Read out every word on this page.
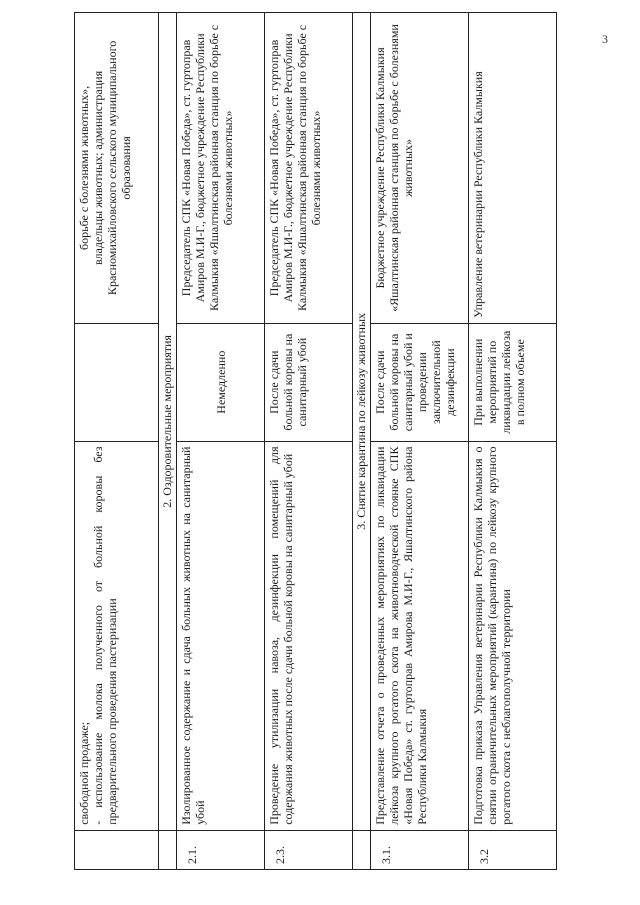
3

	свободной продаже; - использование молока полученного от больной коровы без предварительного проведения пастеризации		борьбе с болезнями животных», владельцы животных; администрация Красномихайловского сельского муниципального образования

	2. Оздоровительные мероприятия		
2.1.	Изолированное содержание и сдача больных животных на санитарный убой	Немедленно	Председатель СПК «Новая Победа», ст. гуртоправ Амиров М.И-Г., бюджетное учреждение Республики Калмыкия «Яшалтинская районная станция по борьбе с болезнями животных»

2.3.	Проведение утилизации навоза, дезинфекции помещений для содержания животных после сдачи больной коровы на санитарный убой	После сдачи больной коровы на санитарный убой	Председатель СПК «Новая Победа», ст. гуртоправ Амиров М.И-Г., бюджетное учреждение Республики Калмыкия «Яшалтинская районная станция по борьбе с болезнями животных»

	3. Снятие карантина по лейкозу животных		
3.1.	Представление отчета о проведенных мероприятиях по ликвидации лейкоза крупного рогатого скота на животноводческой стоянке СПК «Новая Победа» ст. гуртоправ Амирова М.И-Г., Яшалтинского района Республики Калмыкия	После сдачи больной коровы на санитарный убой и проведении заключительной дезинфекции	Бюджетное учреждение Республики Калмыкия «Яшалтинская районная станция по борьбе с болезнями животных»

3.2	Подготовка приказа Управления ветеринарии Республики Калмыкия о снятии ограничительных мероприятий (карантина) по лейкозу крупного рогатого скота с неблагополучной территории	При выполнении мероприятий по ликвидации лейкоза в полном объеме	Управление ветеринарии Республики Калмыкия
